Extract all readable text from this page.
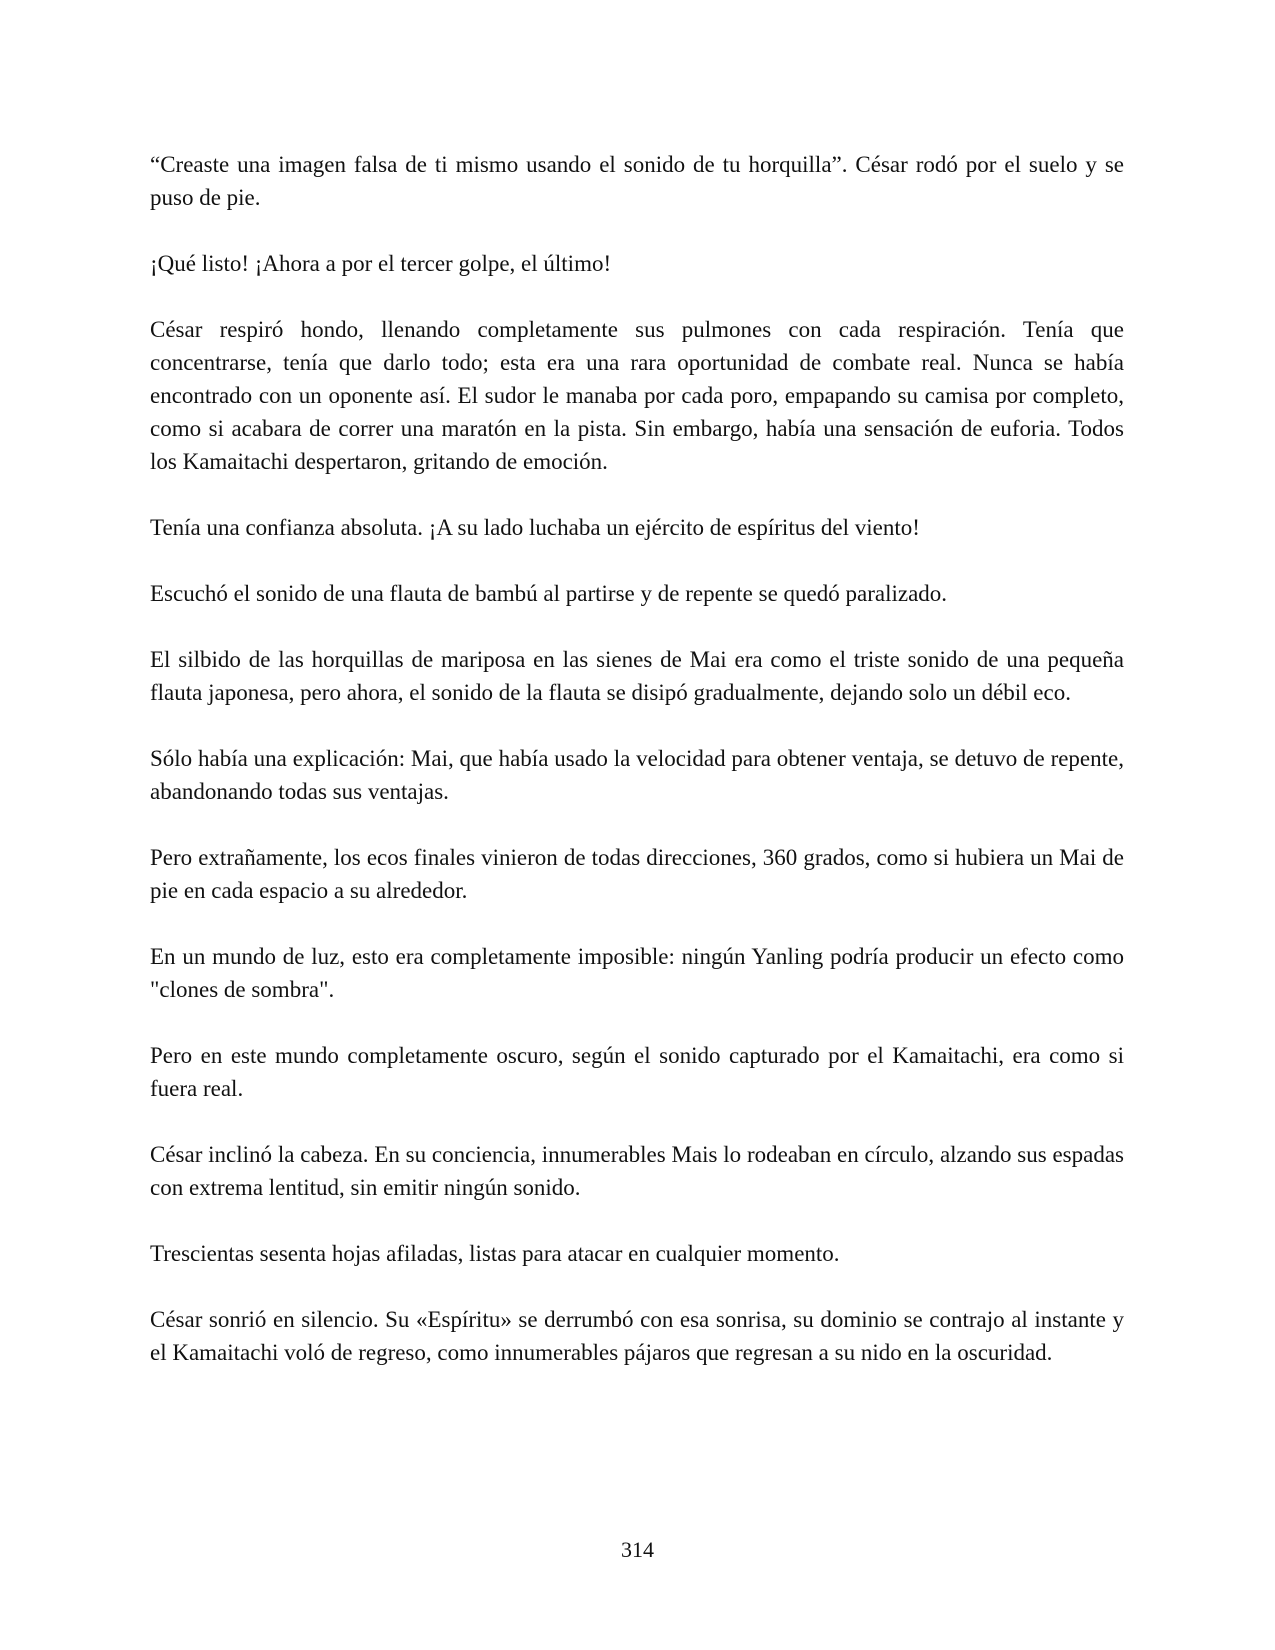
“Creaste una imagen falsa de ti mismo usando el sonido de tu horquilla”. César rodó por el suelo y se puso de pie.

¡Qué listo! ¡Ahora a por el tercer golpe, el último!

César respiró hondo, llenando completamente sus pulmones con cada respiración. Tenía que concentrarse, tenía que darlo todo; esta era una rara oportunidad de combate real. Nunca se había encontrado con un oponente así. El sudor le manaba por cada poro, empapando su camisa por completo, como si acabara de correr una maratón en la pista. Sin embargo, había una sensación de euforia. Todos los Kamaitachi despertaron, gritando de emoción.

Tenía una confianza absoluta. ¡A su lado luchaba un ejército de espíritus del viento!

Escuchó el sonido de una flauta de bambú al partirse y de repente se quedó paralizado.

El silbido de las horquillas de mariposa en las sienes de Mai era como el triste sonido de una pequeña flauta japonesa, pero ahora, el sonido de la flauta se disipó gradualmente, dejando solo un débil eco.

Sólo había una explicación: Mai, que había usado la velocidad para obtener ventaja, se detuvo de repente, abandonando todas sus ventajas.

Pero extrañamente, los ecos finales vinieron de todas direcciones, 360 grados, como si hubiera un Mai de pie en cada espacio a su alrededor.

En un mundo de luz, esto era completamente imposible: ningún Yanling podría producir un efecto como "clones de sombra".

Pero en este mundo completamente oscuro, según el sonido capturado por el Kamaitachi, era como si fuera real.

César inclinó la cabeza. En su conciencia, innumerables Mais lo rodeaban en círculo, alzando sus espadas con extrema lentitud, sin emitir ningún sonido.

Trescientas sesenta hojas afiladas, listas para atacar en cualquier momento.

César sonrió en silencio. Su «Espíritu» se derrumbó con esa sonrisa, su dominio se contrajo al instante y el Kamaitachi voló de regreso, como innumerables pájaros que regresan a su nido en la oscuridad.

314
